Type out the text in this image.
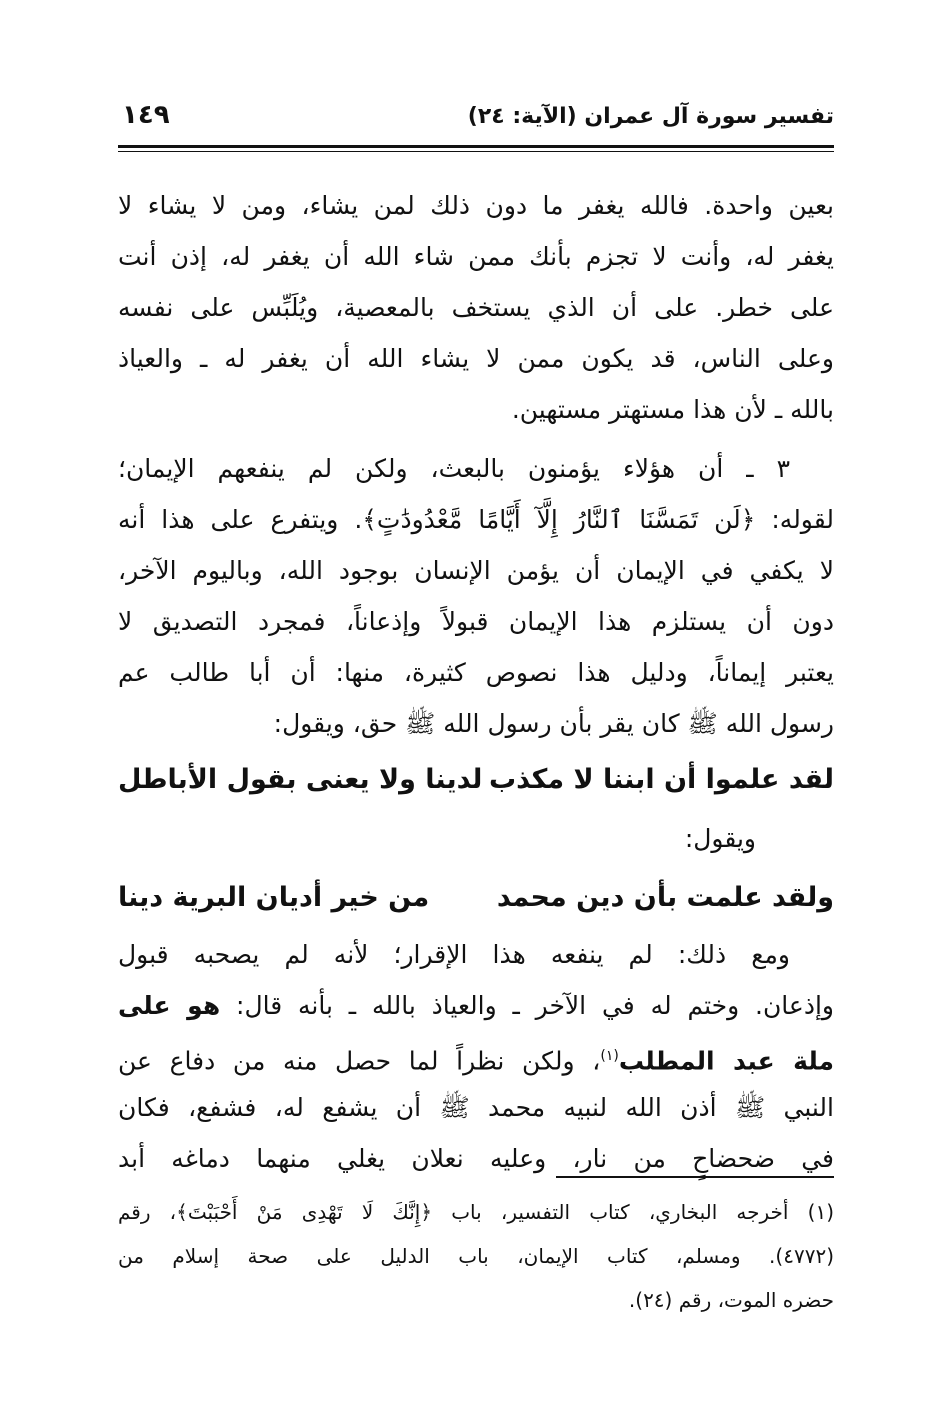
تفسير سورة آل عمران (الآية: ٢٤)
١٤٩
بعين واحدة. فالله يغفر ما دون ذلك لمن يشاء، ومن لا يشاء لا
يغفر له، وأنت لا تجزم بأنك ممن شاء الله أن يغفر له، إذن أنت
على خطر. على أن الذي يستخف بالمعصية، ويُلَبِّس على نفسه
وعلى الناس، قد يكون ممن لا يشاء الله أن يغفر له ـ والعياذ
بالله ـ لأن هذا مستهتر مستهين.
٣ ـ أن هؤلاء يؤمنون بالبعث، ولكن لم ينفعهم الإيمان؛
لقوله: ﴿لَن تَمَسَّنَا ٱلنَّارُ إِلَّآ أَيَّامًا مَّعْدُودَٰتٍ﴾. ويتفرع على هذا أنه
لا يكفي في الإيمان أن يؤمن الإنسان بوجود الله، وباليوم الآخر،
دون أن يستلزم هذا الإيمان قبولاً وإذعاناً، فمجرد التصديق لا
يعتبر إيماناً، ودليل هذا نصوص كثيرة، منها: أن أبا طالب عم
رسول الله ﷺ كان يقر بأن رسول الله ﷺ حق، ويقول:
لقد علموا أن ابننا لا مكذب
لدينا ولا يعنى بقول الأباطل
ويقول:
ولقد علمت بأن دين محمد
من خير أديان البرية دينا
ومع ذلك: لم ينفعه هذا الإقرار؛ لأنه لم يصحبه قبول
وإذعان. وختم له في الآخر ـ والعياذ بالله ـ بأنه قال: هو على
ملة عبد المطلب$^{(١)}$، ولكن نظراً لما حصل منه من دفاع عن
النبي ﷺ أذن الله لنبيه محمد ﷺ أن يشفع له، فشفع، فكان
في ضحضاحٍ من نار، وعليه نعلان يغلي منهما دماغه أبد
(١) أخرجه البخاري، كتاب التفسير، باب ﴿إِنَّكَ لَا تَهْدِى مَنْ أَحْبَبْتَ﴾، رقم
(٤٧٧٢). ومسلم، كتاب الإيمان، باب الدليل على صحة إسلام من
حضره الموت، رقم (٢٤).
